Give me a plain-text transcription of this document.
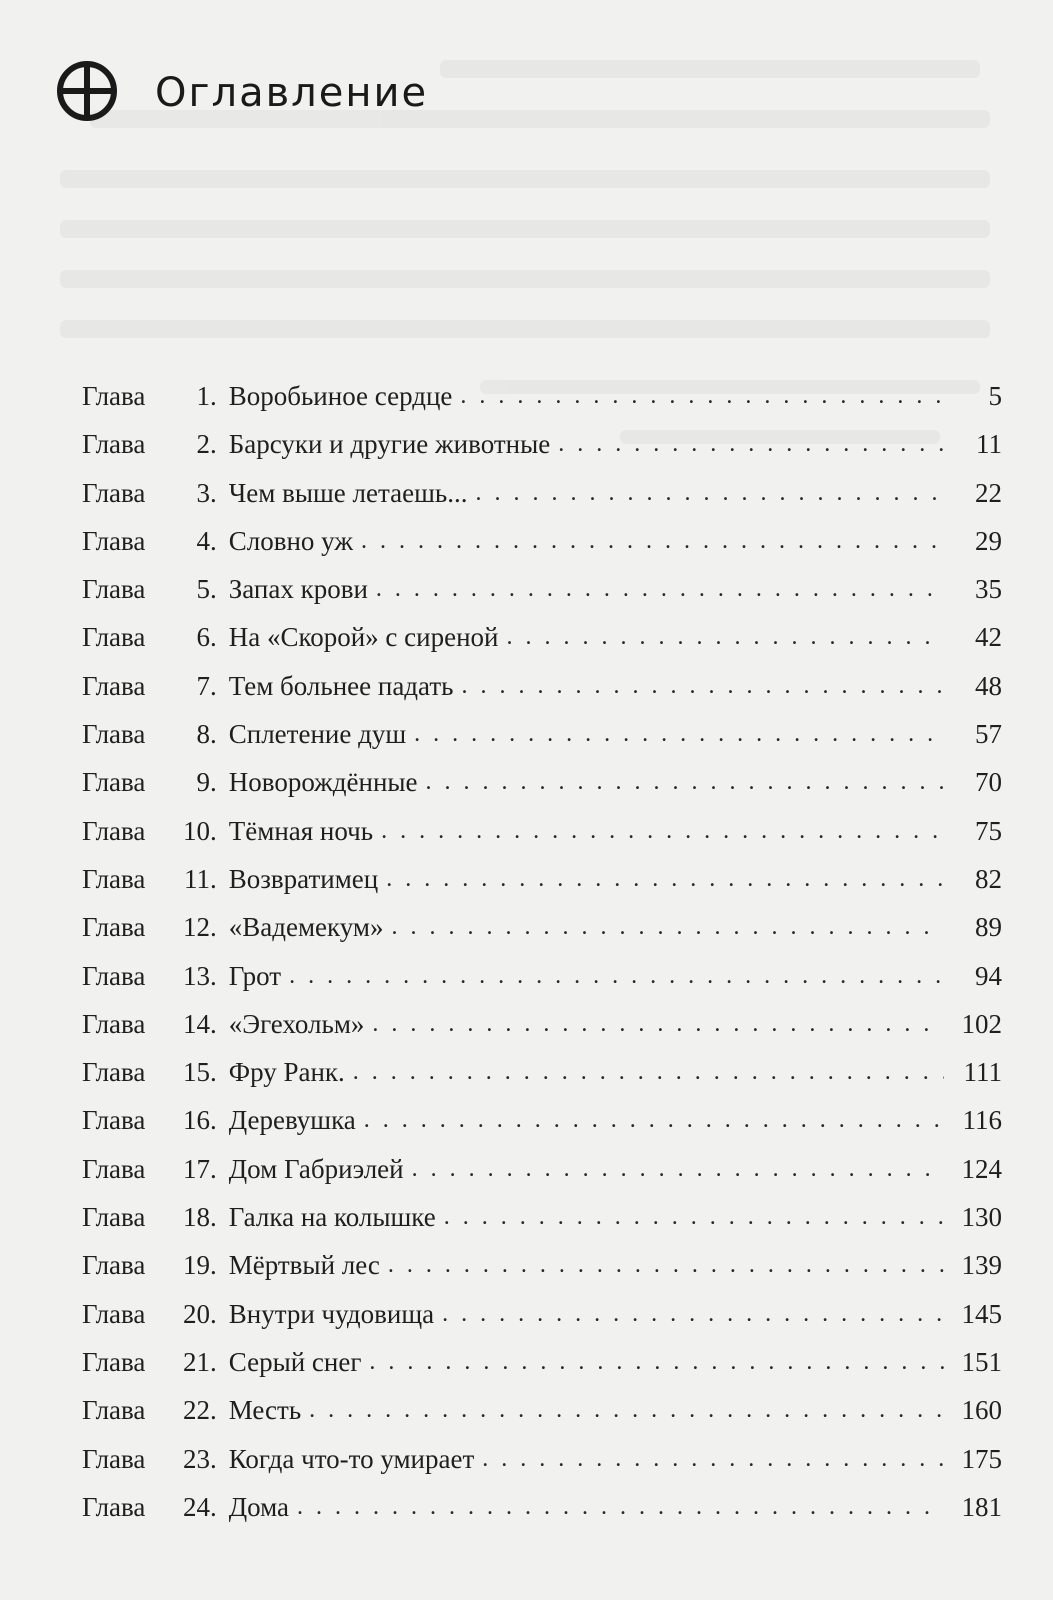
Оглавление
Глава	1 . Воробьиное сердце . . .	5
Глава	2 . Барсуки и другие животные . . .	11
Глава	3 . Чем выше летаешь... . . .	22
Глава	4 . Словно уж . . .	29
Глава	5 . Запах крови . . .	35
Глава	6 . На «Скорой» с сиреной . . .	42
Глава	7 . Тем больнее падать . . .	48
Глава	8 . Сплетение душ . . .	57
Глава	9 . Новорождённые . . .	70
Глава	10 . Тёмная ночь . . .	75
Глава	11 . Возвратимец . . .	82
Глава	12 . «Вадемекум» . . .	89
Глава	13 . Грот . . .	94
Глава	14 . «Эгехольм» . . .	102
Глава	15 . Фру Ранк. . . .	111
Глава	16 . Деревушка . . .	116
Глава	17 . Дом Габриэлей . . .	124
Глава	18 . Галка на колышке . . .	130
Глава	19 . Мёртвый лес . . .	139
Глава	20 . Внутри чудовища . . .	145
Глава	21 . Серый снег . . .	151
Глава	22 . Месть . . .	160
Глава	23 . Когда что-то умирает . . .	175
Глава	24 . Дома . . .	181
